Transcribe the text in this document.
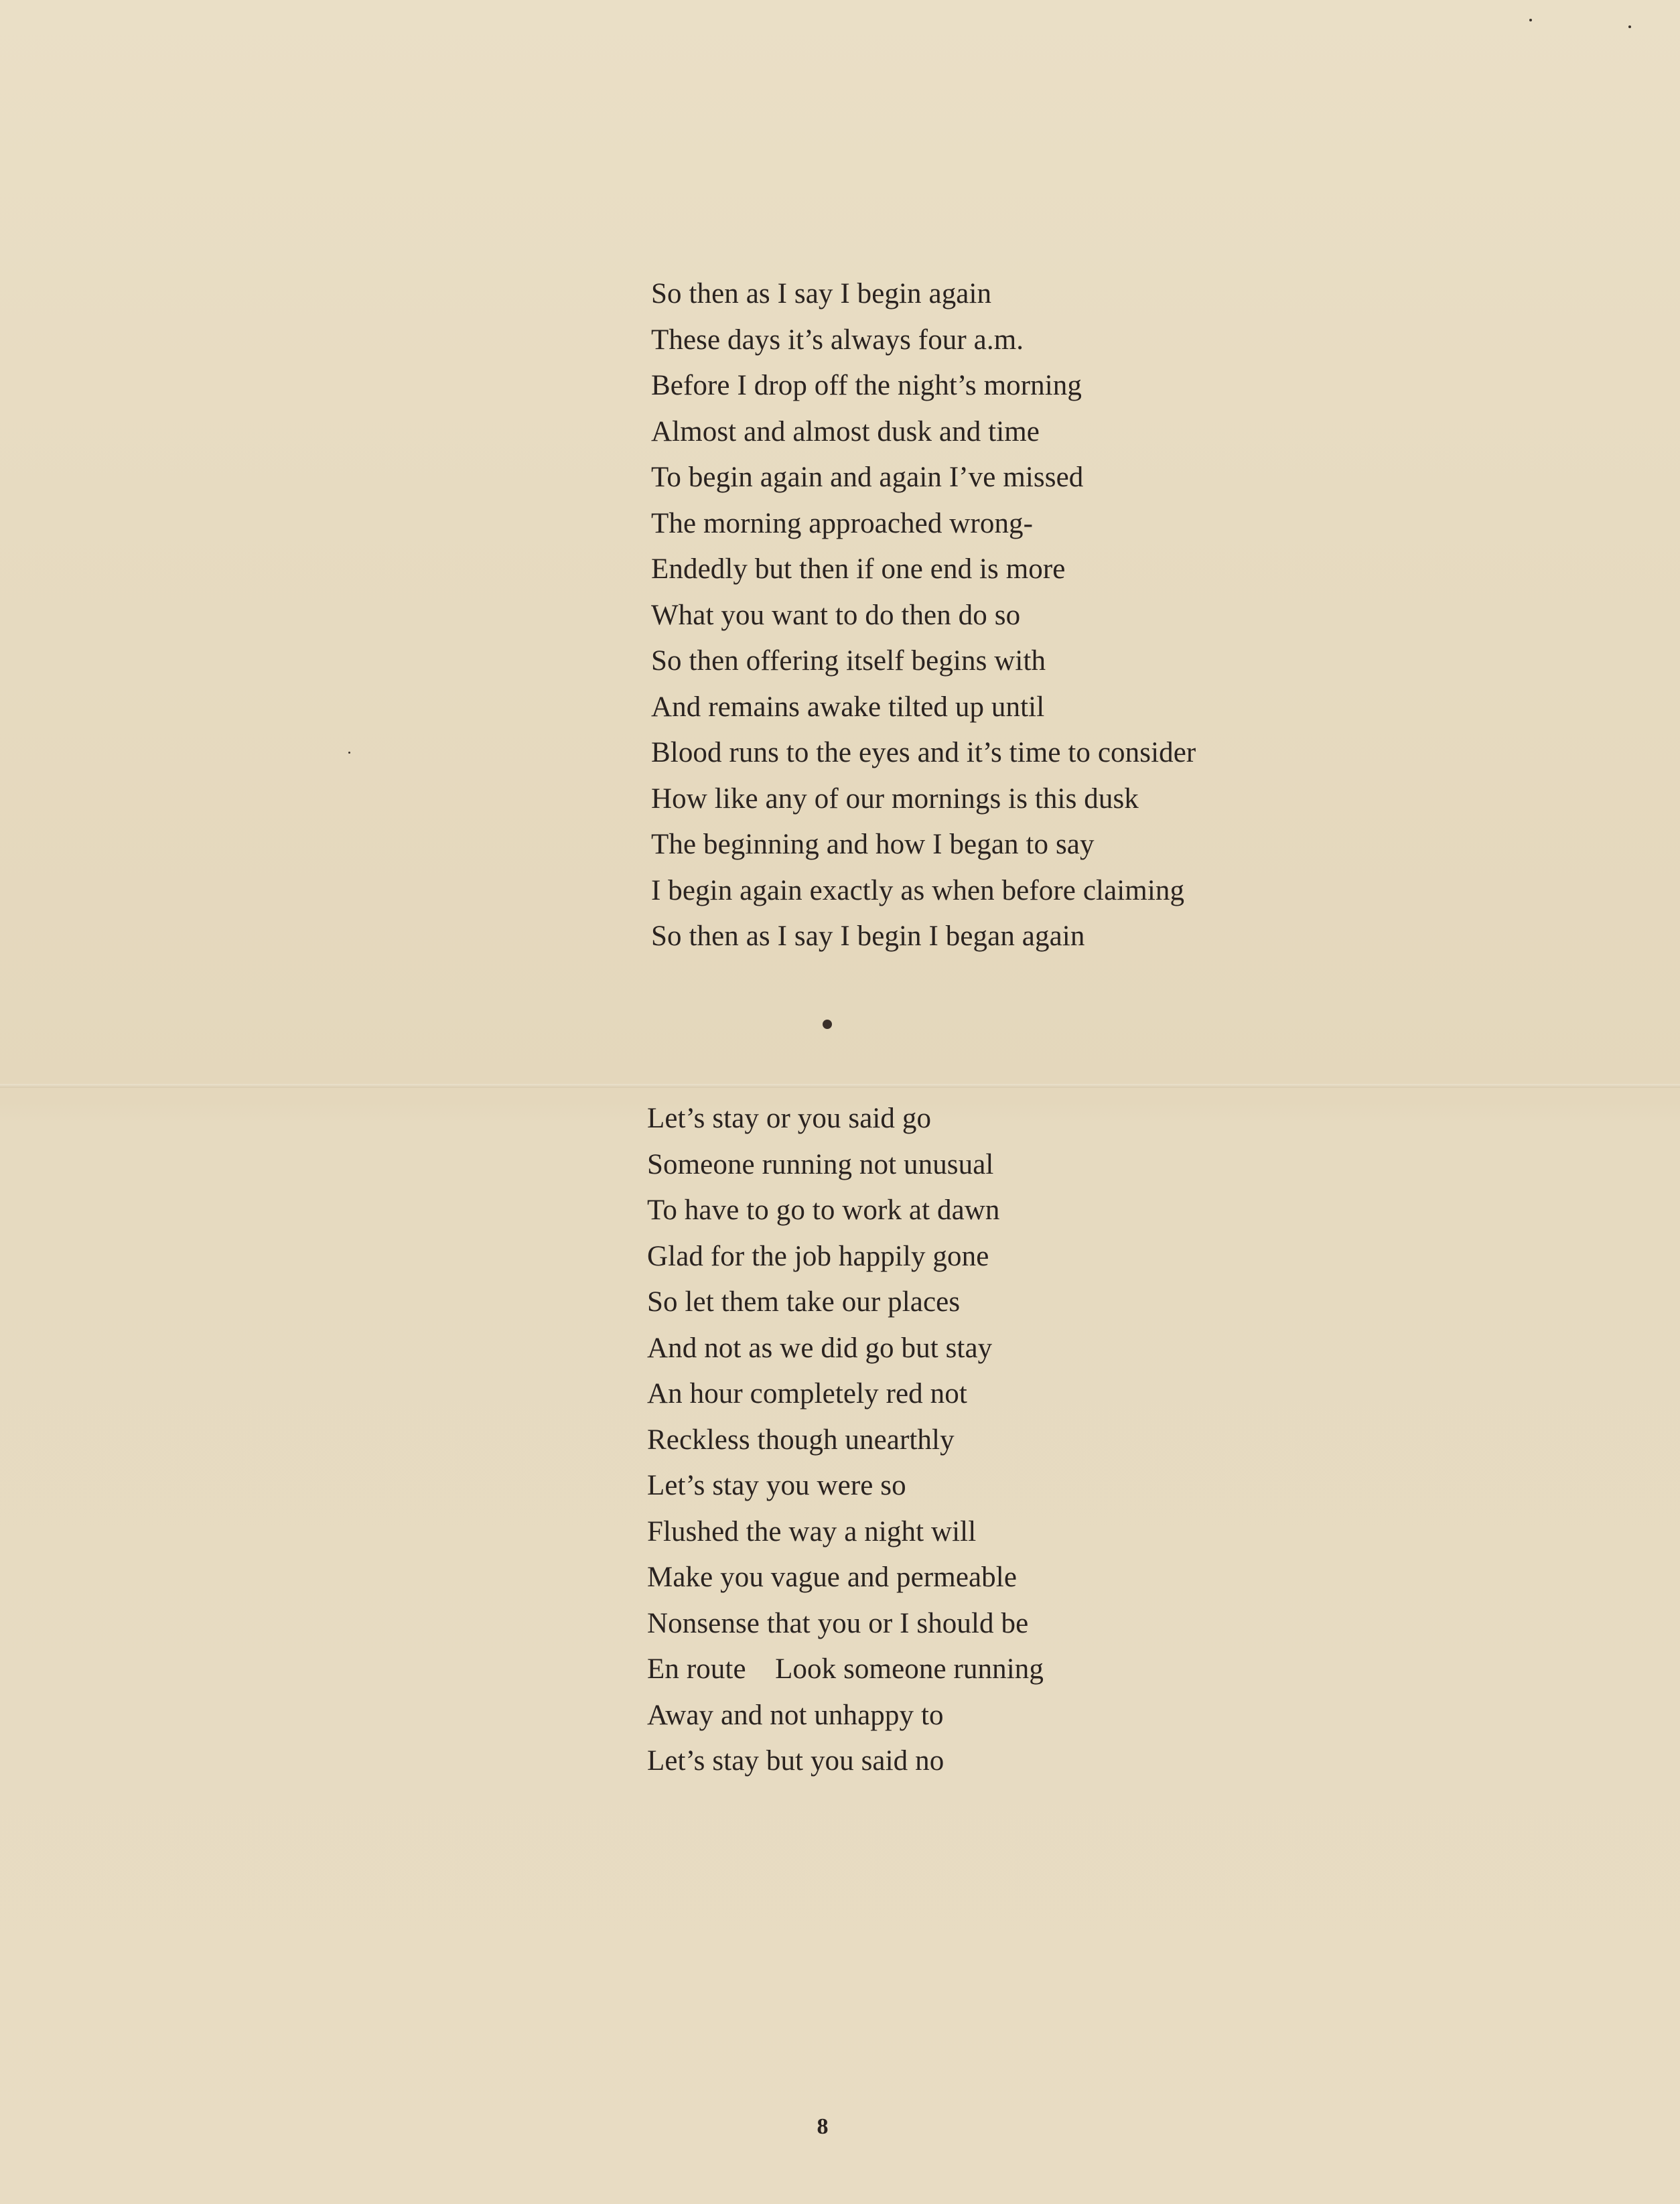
So then as I say I begin again
These days it’s always four a.m.
Before I drop off the night’s morning
Almost and almost dusk and time
To begin again and again I’ve missed
The morning approached wrong-
Endedly but then if one end is more
What you want to do then do so
So then offering itself begins with
And remains awake tilted up until
Blood runs to the eyes and it’s time to consider
How like any of our mornings is this dusk
The beginning and how I began to say
I begin again exactly as when before claiming
So then as I say I begin I began again
Let’s stay or you said go
Someone running not unusual
To have to go to work at dawn
Glad for the job happily gone
So let them take our places
And not as we did go but stay
An hour completely red not
Reckless though unearthly
Let’s stay you were so
Flushed the way a night will
Make you vague and permeable
Nonsense that you or I should be
En route    Look someone running
Away and not unhappy to
Let’s stay but you said no
8
